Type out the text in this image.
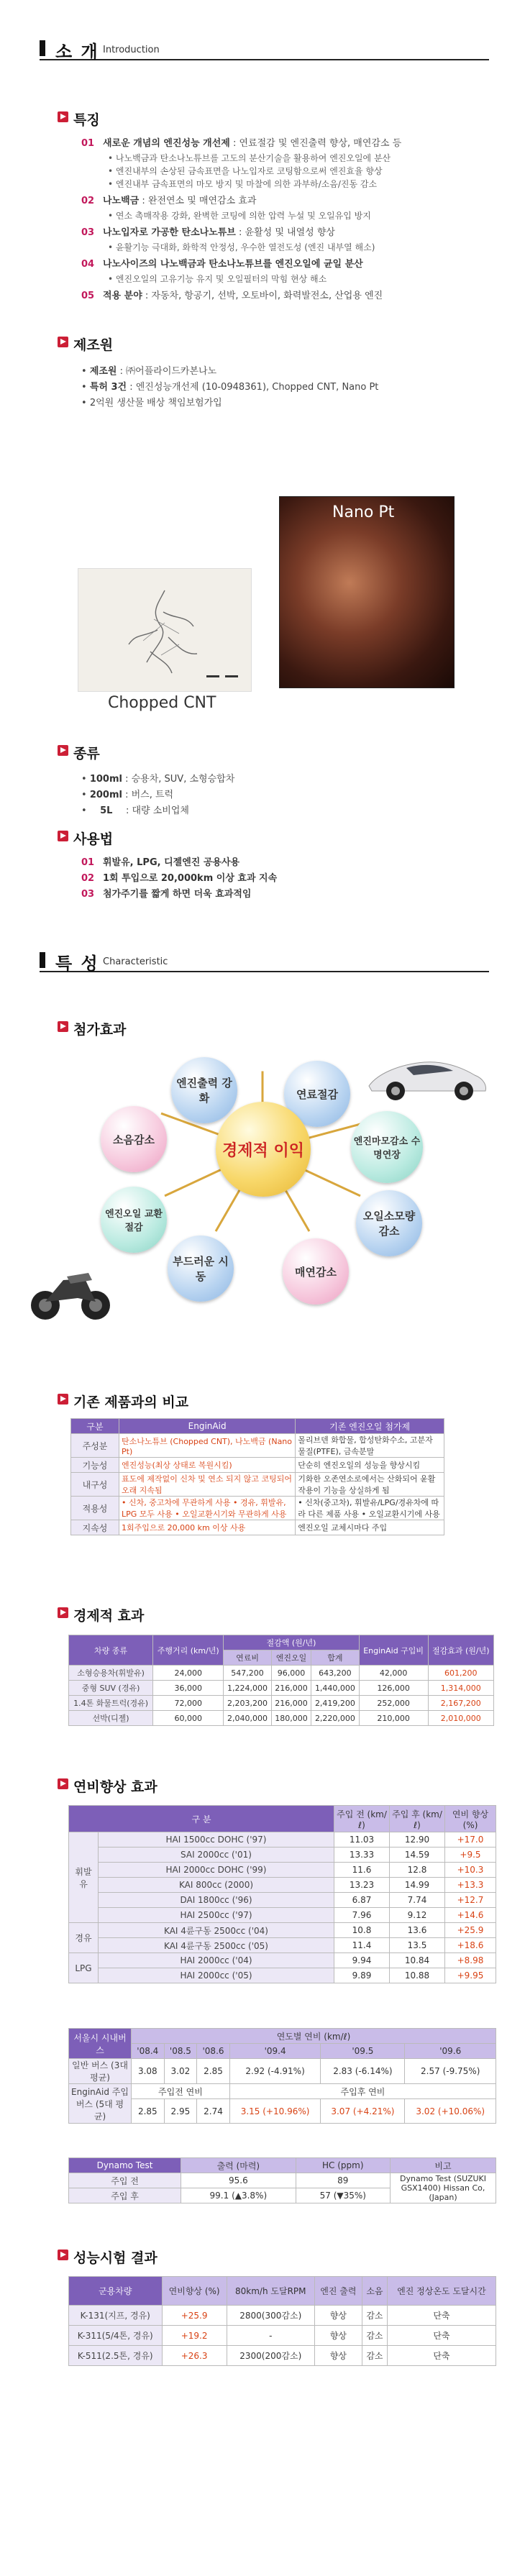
소 개 Introduction
특징
01 새로운 개념의 엔진성능 개선제 : 연료절감 및 엔진출력 향상, 매연감소 등
• 나노백금과 탄소나노튜브를 고도의 분산기술을 활용하여 엔진오일에 분산
• 엔진내부의 손상된 금속표면을 나노입자로 코팅함으로써 엔진효율 향상
• 엔진내부 금속표면의 마모 방지 및 마찰에 의한 과부하/소음/진동 감소
02 나노백금 : 완전연소 및 매연감소 효과
• 연소 촉매작용 강화, 완벽한 코팅에 의한 압력 누설 및 오일유입 방지
03 나노입자로 가공한 탄소나노튜브 : 윤활성 및 내열성 향상
• 윤활기능 극대화, 화학적 안정성, 우수한 열전도성 (엔진 내부열 해소)
04 나노사이즈의 나노백금과 탄소나노튜브를 엔진오일에 균일 분산
• 엔진오일의 고유기능 유지 및 오일필터의 막힘 현상 해소
05 적용 분야 : 자동차, 항공기, 선박, 오토바이, 화력발전소, 산업용 엔진
제조원
• 제조원 : ㈜어플라이드카본나노
• 특허 3건 : 엔진성능개선제 (10-0948361), Chopped CNT, Nano Pt
• 2억원 생산물 배상 책임보험가입
Chopped CNT
Nano Pt
종류
• 100ml : 승용차, SUV, 소형승합차
• 200ml : 버스, 트럭
• 5L : 대량 소비업체
사용법
01 휘발유, LPG, 디젤엔진 공용사용
02 1회 투입으로 20,000km 이상 효과 지속
03 첨가주기를 짧게 하면 더욱 효과적임
특 성 Characteristic
첨가효과
엔진출력 강화	연료절감
엔진마모감소 수명연장
오일소모량 감소
매연감소
부드러운 시동
엔진오일 교환절감
소음감소
경제적 이익
기존 제품과의 비교
구분	EnginAid	기존 엔진오일 첨가제
주성분	탄소나노튜브 (Chopped CNT), 나노백금 (Nano Pt)	몰리브덴 화합물, 합성탄화수소, 고분자 물질(PTFE), 금속분말
기능성	엔진성능(최상 상태로 복원시킴)	단순히 엔진오일의 성능을 향상시킴
내구성	표도에 제작없이 신차 및 연소 되지 않고 코팅되어 오래 지속됨	기화한 오존연소로에서는 산화되어 윤활작용이 기능을 상실하게 됨
적용성	• 신차, 중고차에 무관하게 사용 • 경유, 휘발유, LPG 모두 사용 • 오일교환시기와 무관하게 사용	• 신차(중고차), 휘발유/LPG/경유차에 따라 다른 제품 사용 • 오일교환시기에 사용
지속성	1회주입으로 20,000 km 이상 사용	엔진오일 교체시마다 주입
경제적 효과
차량 종류	주행거리 (km/년)	절감액 (원/년)			EnginAid 구입비	절감효과 (원/년)
		연료비	엔진오일	합계		
소형승용차(휘발유)	24,000	547,200	96,000	643,200	42,000	601,200
중형 SUV (경유)	36,000	1,224,000	216,000	1,440,000	126,000	1,314,000
1.4톤 화물트럭(경유)	72,000	2,203,200	216,000	2,419,200	252,000	2,167,200
선박(디젤)	60,000	2,040,000	180,000	2,220,000	210,000	2,010,000
연비향상 효과
구 분		주입 전 (km/ℓ)	주입 후 (km/ℓ)	연비 향상 (%)
휘발유	HAI 1500cc DOHC ('97)	11.03	12.90	+17.0
	SAI 2000cc ('01)	13.33	14.59	+9.5
	HAI 2000cc DOHC ('99)	11.6	12.8	+10.3
	KAI 800cc (2000)	13.23	14.99	+13.3
	DAI 1800cc ('96)	6.87	7.74	+12.7
	HAI 2500cc ('97)	7.96	9.12	+14.6
경유	KAI 4륜구동 2500cc ('04)	10.8	13.6	+25.9
	KAI 4륜구동 2500cc ('05)	11.4	13.5	+18.6
LPG	HAI 2000cc ('04)	9.94	10.84	+8.98
	HAI 2000cc ('05)	9.89	10.88	+9.95
서울시 시내버스	연도별 연비 (km/ℓ)					
	'08.4	'08.5	'08.6	'09.4	'09.5	'09.6
일반 버스 (3대 평균)	3.08	3.02	2.85	2.92 (-4.91%)	2.83 (-6.14%)	2.57 (-9.75%)
EnginAid 주입버스 (5대 평균)	주입전 연비			주입후 연비		
	2.85	2.95	2.74	3.15 (+10.96%)	3.07 (+4.21%)	3.02 (+10.06%)
Dynamo Test	출력 (마력)	HC (ppm)	비고
주입 전	95.6	89	Dynamo Test (SUZUKI GSX1400) Hissan Co, (Japan)
주입 후	99.1 (▲3.8%)	57 (▼35%)	
성능시험 결과
군용차량	연비향상 (%)	80km/h 도달RPM	엔진 출력	소음	엔진 정상온도 도달시간
K-131(지프, 경유)	+25.9	2800(300감소)	향상	감소	단축
K-311(5/4톤, 경유)	+19.2	-	향상	감소	단축
K-511(2.5톤, 경유)	+26.3	2300(200감소)	향상	감소	단축
